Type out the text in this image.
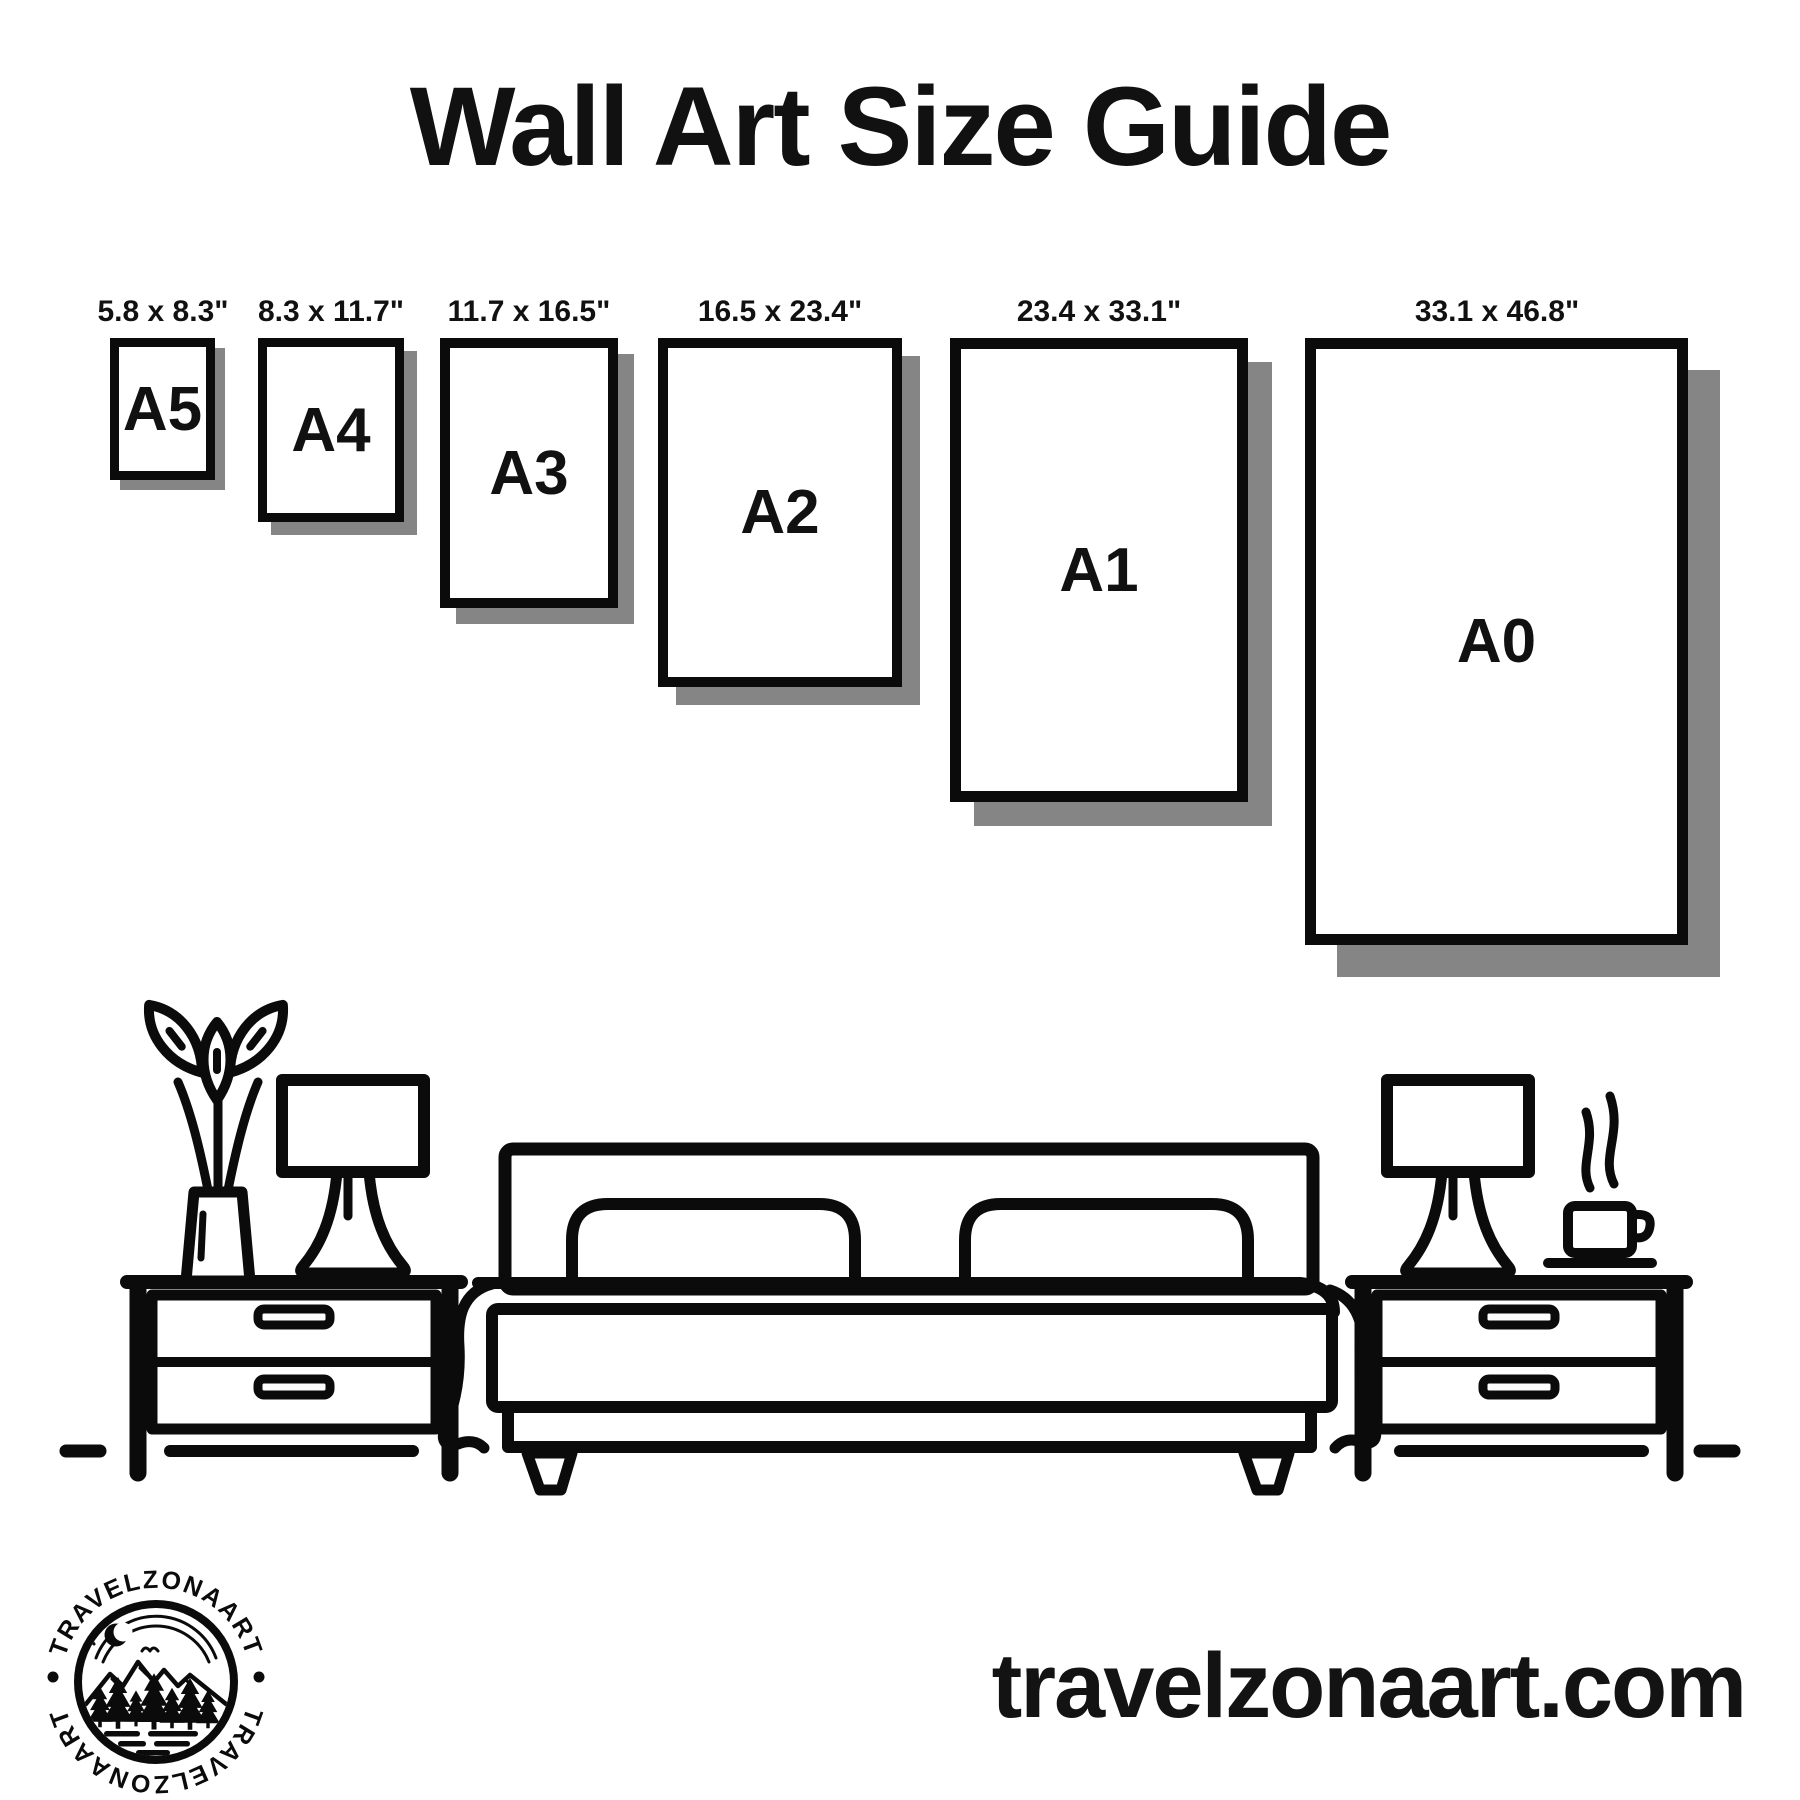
Wall Art Size Guide
5.8 x 8.3" 8.3 x 11.7"	11.7 x 16.5"	16.5 x 23.4"	23.4 x 33.1"	33.1 x 46.8"
A5 A4
A3
A2
A1
A0
TRAVELZONAART
TRAVELZONAART	travelzonaart.com
